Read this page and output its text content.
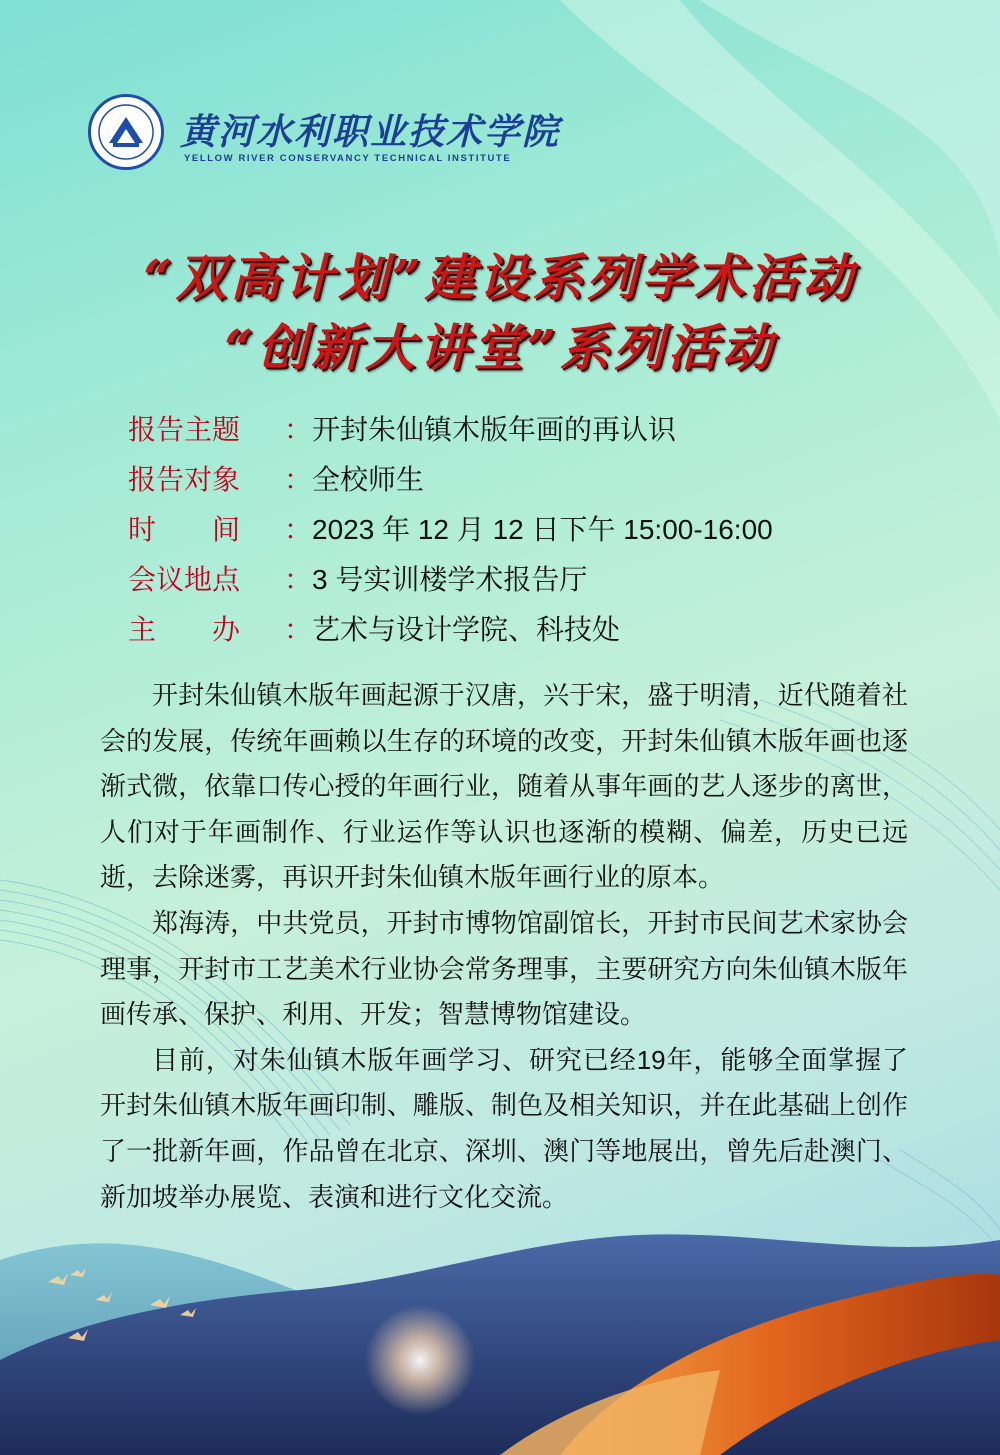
黄河水利职业技术学院
YELLOW RIVER CONSERVANCY TECHNICAL INSTITUTE
“双高计划”建设系列学术活动
“创新大讲堂”系列活动
报告主题 ：开封朱仙镇木版年画的再认识
报告对象 ：全校师生
时　　间 ：2023 年 12 月 12 日下午 15:00-16:00
会议地点 ：3 号实训楼学术报告厅
主　　办 ：艺术与设计学院、科技处

开封朱仙镇木版年画起源于汉唐，兴于宋，盛于明清，近代随着社会的发展，传统年画赖以生存的环境的改变，开封朱仙镇木版年画也逐渐式微，依靠口传心授的年画行业，随着从事年画的艺人逐步的离世，人们对于年画制作、行业运作等认识也逐渐的模糊、偏差，历史已远逝，去除迷雾，再识开封朱仙镇木版年画行业的原本。

郑海涛，中共党员，开封市博物馆副馆长，开封市民间艺术家协会理事，开封市工艺美术行业协会常务理事，主要研究方向朱仙镇木版年画传承、保护、利用、开发；智慧博物馆建设。

目前，对朱仙镇木版年画学习、研究已经19年，能够全面掌握了开封朱仙镇木版年画印制、雕版、制色及相关知识，并在此基础上创作了一批新年画，作品曾在北京、深圳、澳门等地展出，曾先后赴澳门、新加坡举办展览、表演和进行文化交流。
